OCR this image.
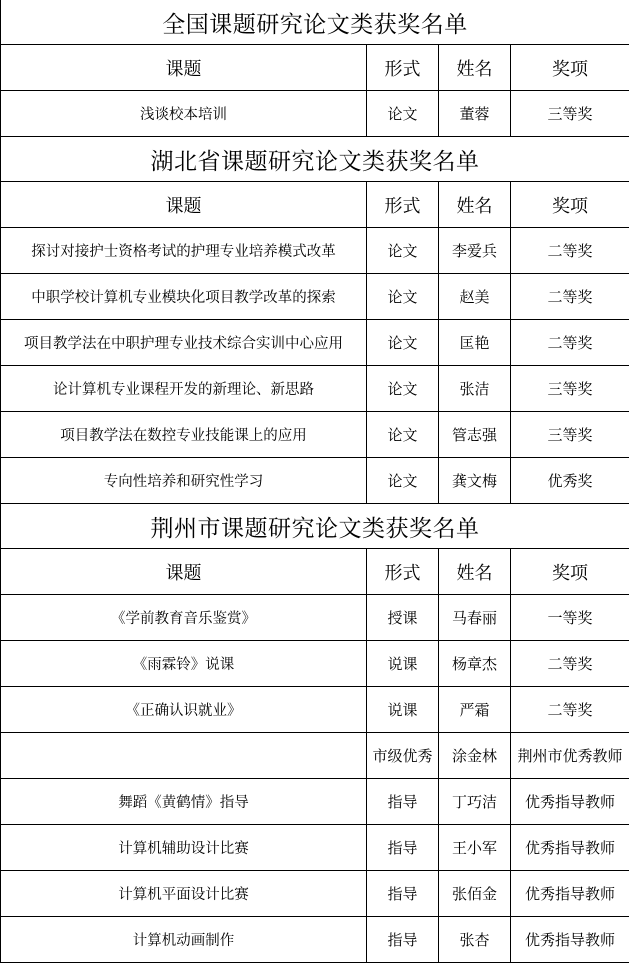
全国课题研究论文类获奖名单			
课题	形式	姓名	奖项
浅谈校本培训	论文	董蓉	三等奖
湖北省课题研究论文类获奖名单			
课题	形式	姓名	奖项
探讨对接护士资格考试的护理专业培养模式改革	论文	李爱兵	二等奖
中职学校计算机专业模块化项目教学改革的探索	论文	赵美	二等奖
项目教学法在中职护理专业技术综合实训中心应用	论文	匡艳	二等奖
论计算机专业课程开发的新理论、新思路	论文	张洁	三等奖
项目教学法在数控专业技能课上的应用	论文	管志强	三等奖
专向性培养和研究性学习	论文	龚文梅	优秀奖
荆州市课题研究论文类获奖名单			
课题	形式	姓名	奖项
《学前教育音乐鉴赏》	授课	马春丽	一等奖
《雨霖铃》说课	说课	杨章杰	二等奖
《正确认识就业》	说课	严霜	二等奖
	市级优秀	涂金林	荆州市优秀教师
舞蹈《黄鹤情》指导	指导	丁巧洁	优秀指导教师
计算机辅助设计比赛	指导	王小军	优秀指导教师
计算机平面设计比赛	指导	张佰金	优秀指导教师
计算机动画制作	指导	张杏	优秀指导教师
